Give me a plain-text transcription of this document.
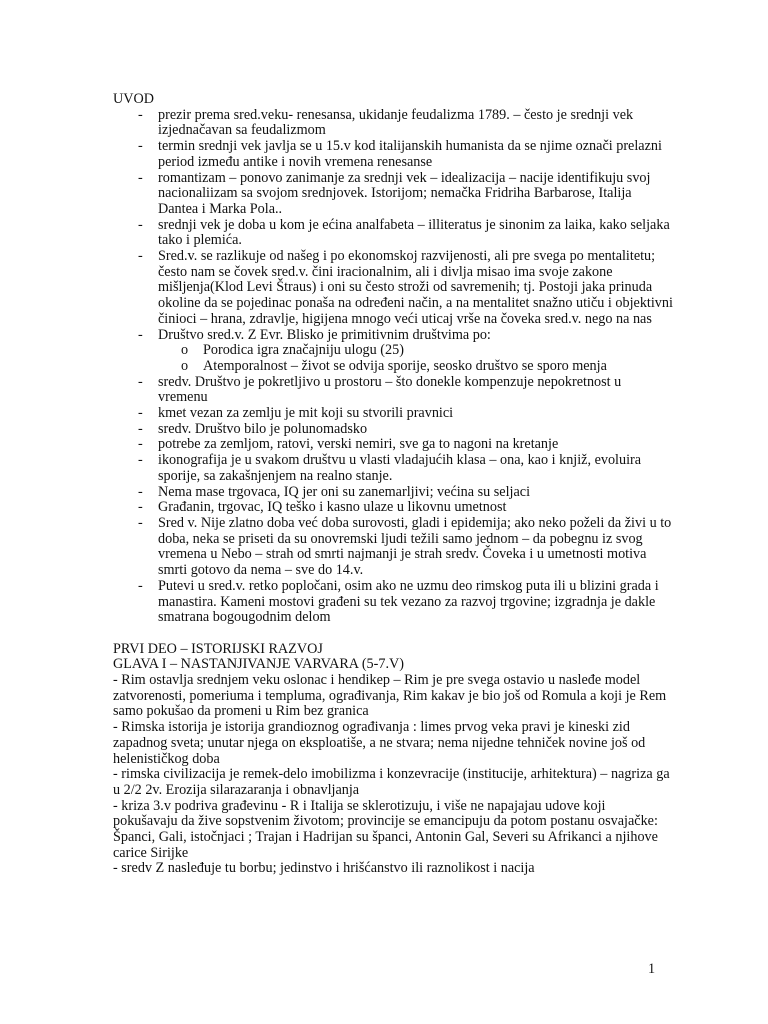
UVOD

- prezir prema sred.veku- renesansa, ukidanje feudalizma 1789. – često je srednji vek izjednačavan sa feudalizmom
- termin srednji vek javlja se u 15.v kod italijanskih humanista da se njime označi prelazni period između antike i novih vremena renesanse
- romantizam – ponovo zanimanje za srednji vek – idealizacija – nacije identifikuju svoj nacionaliizam sa svojom srednjovek. Istorijom; nemačka Fridriha Barbarose, Italija Dantea i Marka Pola..
- srednji vek je doba u kom je ećina analfabeta – illiteratus je sinonim za laika, kako seljaka tako i plemića.
- Sred.v. se razlikuje od našeg i po ekonomskoj razvijenosti, ali pre svega po mentalitetu; često nam se čovek sred.v. čini iracionalnim, ali i divlja misao ima svoje zakone mišljenja(Klod Levi Štraus) i oni su često stroži od savremenih; tj. Postoji jaka prinuda okoline da se pojedinac ponaša na određeni način, a na mentalitet snažno utiču i objektivni činioci – hrana, zdravlje, higijena mnogo veći uticaj vrše na čoveka sred.v. nego na nas
- Društvo sred.v. Z Evr. Blisko je primitivnim društvima po:
o Porodica igra značajniju ulogu (25)
o Atemporalnost – život se odvija sporije, seosko društvo se sporo menja
- sredv. Društvo je pokretljivo u prostoru – što donekle kompenzuje nepokretnost u vremenu
- kmet vezan za zemlju je mit koji su stvorili pravnici
- sredv. Društvo bilo je polunomadsko
- potrebe za zemljom, ratovi, verski nemiri, sve ga to nagoni na kretanje
- ikonografija je u svakom društvu u vlasti vladajućih klasa – ona, kao i knjiž, evoluira sporije, sa zakašnjenjem na realno stanje.
- Nema mase trgovaca, IQ jer oni su zanemarljivi; većina su seljaci
- Građanin, trgovac, IQ teško i kasno ulaze u likovnu umetnost
- Sred v. Nije zlatno doba već doba surovosti, gladi i epidemija; ako neko poželi da živi u to doba, neka se priseti da su onovremski ljudi težili samo jednom – da pobegnu iz svog vremena u Nebo – strah od smrti najmanji je strah sredv. Čoveka i u umetnosti motiva smrti gotovo da nema – sve do 14.v.
- Putevi u sred.v. retko popločani, osim ako ne uzmu deo rimskog puta ili u blizini grada i manastira. Kameni mostovi građeni su tek vezano za razvoj trgovine; izgradnja je dakle smatrana bogougodnim delom

PRVI DEO – ISTORIJSKI RAZVOJ

GLAVA I – NASTANJIVANJE VARVARA (5-7.V)

- Rim ostavlja srednjem veku oslonac i hendikep – Rim je pre svega ostavio u nasleđe model zatvorenosti, pomeriuma i templuma, ograđivanja, Rim kakav je bio još od Romula a koji je Rem samo pokušao da promeni u Rim bez granica

- Rimska istorija je istorija grandioznog ograđivanja : limes prvog veka pravi je kineski zid zapadnog sveta; unutar njega on eksploatiše, a ne stvara; nema nijedne tehniček novine još od helenističkog doba

- rimska civilizacija je remek-delo imobilizma i konzevracije (institucije, arhitektura) – nagriza ga u 2/2 2v. Erozija silarazaranja i obnavljanja

- kriza 3.v podriva građevinu - R i Italija se sklerotizuju, i više ne napajajau udove koji pokušavaju da žive sopstvenim životom; provincije se emancipuju da potom postanu osvajačke: Španci, Gali, istočnjaci ; Trajan i Hadrijan su španci, Antonin Gal, Severi su Afrikanci a njihove carice Sirijke

- sredv Z nasleđuje tu borbu; jedinstvo i hrišćanstvo ili raznolikost i nacija

1
